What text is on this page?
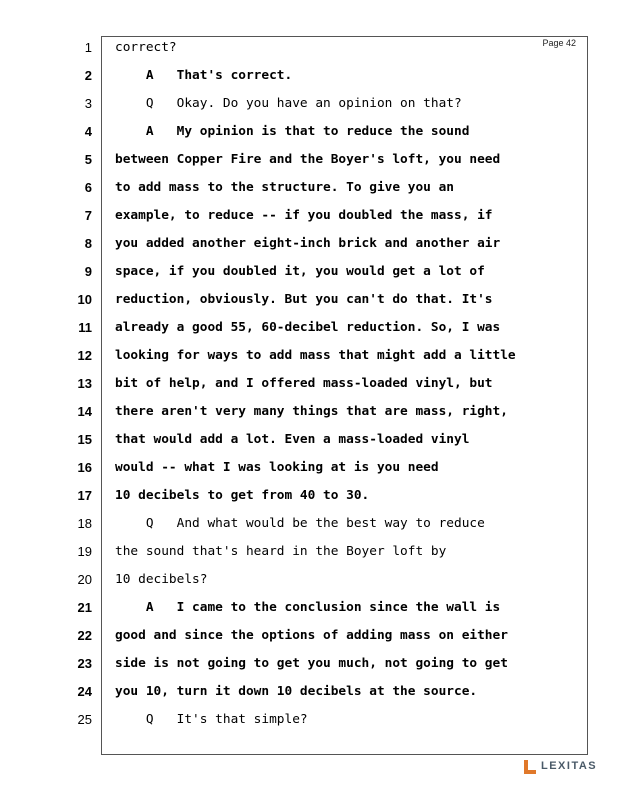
Page 42
1
2
3
4
5
6
7
8
9
10
11
12
13
14
15
16
17
18
19
20
21
22
23
24
25
correct?
A   That's correct.
Q   Okay. Do you have an opinion on that?
A   My opinion is that to reduce the sound
between Copper Fire and the Boyer's loft, you need
to add mass to the structure. To give you an
example, to reduce -- if you doubled the mass, if
you added another eight-inch brick and another air
space, if you doubled it, you would get a lot of
reduction, obviously. But you can't do that. It's
already a good 55, 60-decibel reduction. So, I was
looking for ways to add mass that might add a little
bit of help, and I offered mass-loaded vinyl, but
there aren't very many things that are mass, right,
that would add a lot. Even a mass-loaded vinyl
would -- what I was looking at is you need
10 decibels to get from 40 to 30.
Q   And what would be the best way to reduce
the sound that's heard in the Boyer loft by
10 decibels?
A   I came to the conclusion since the wall is
good and since the options of adding mass on either
side is not going to get you much, not going to get
you 10, turn it down 10 decibels at the source.
Q   It's that simple?
LEXITAS
